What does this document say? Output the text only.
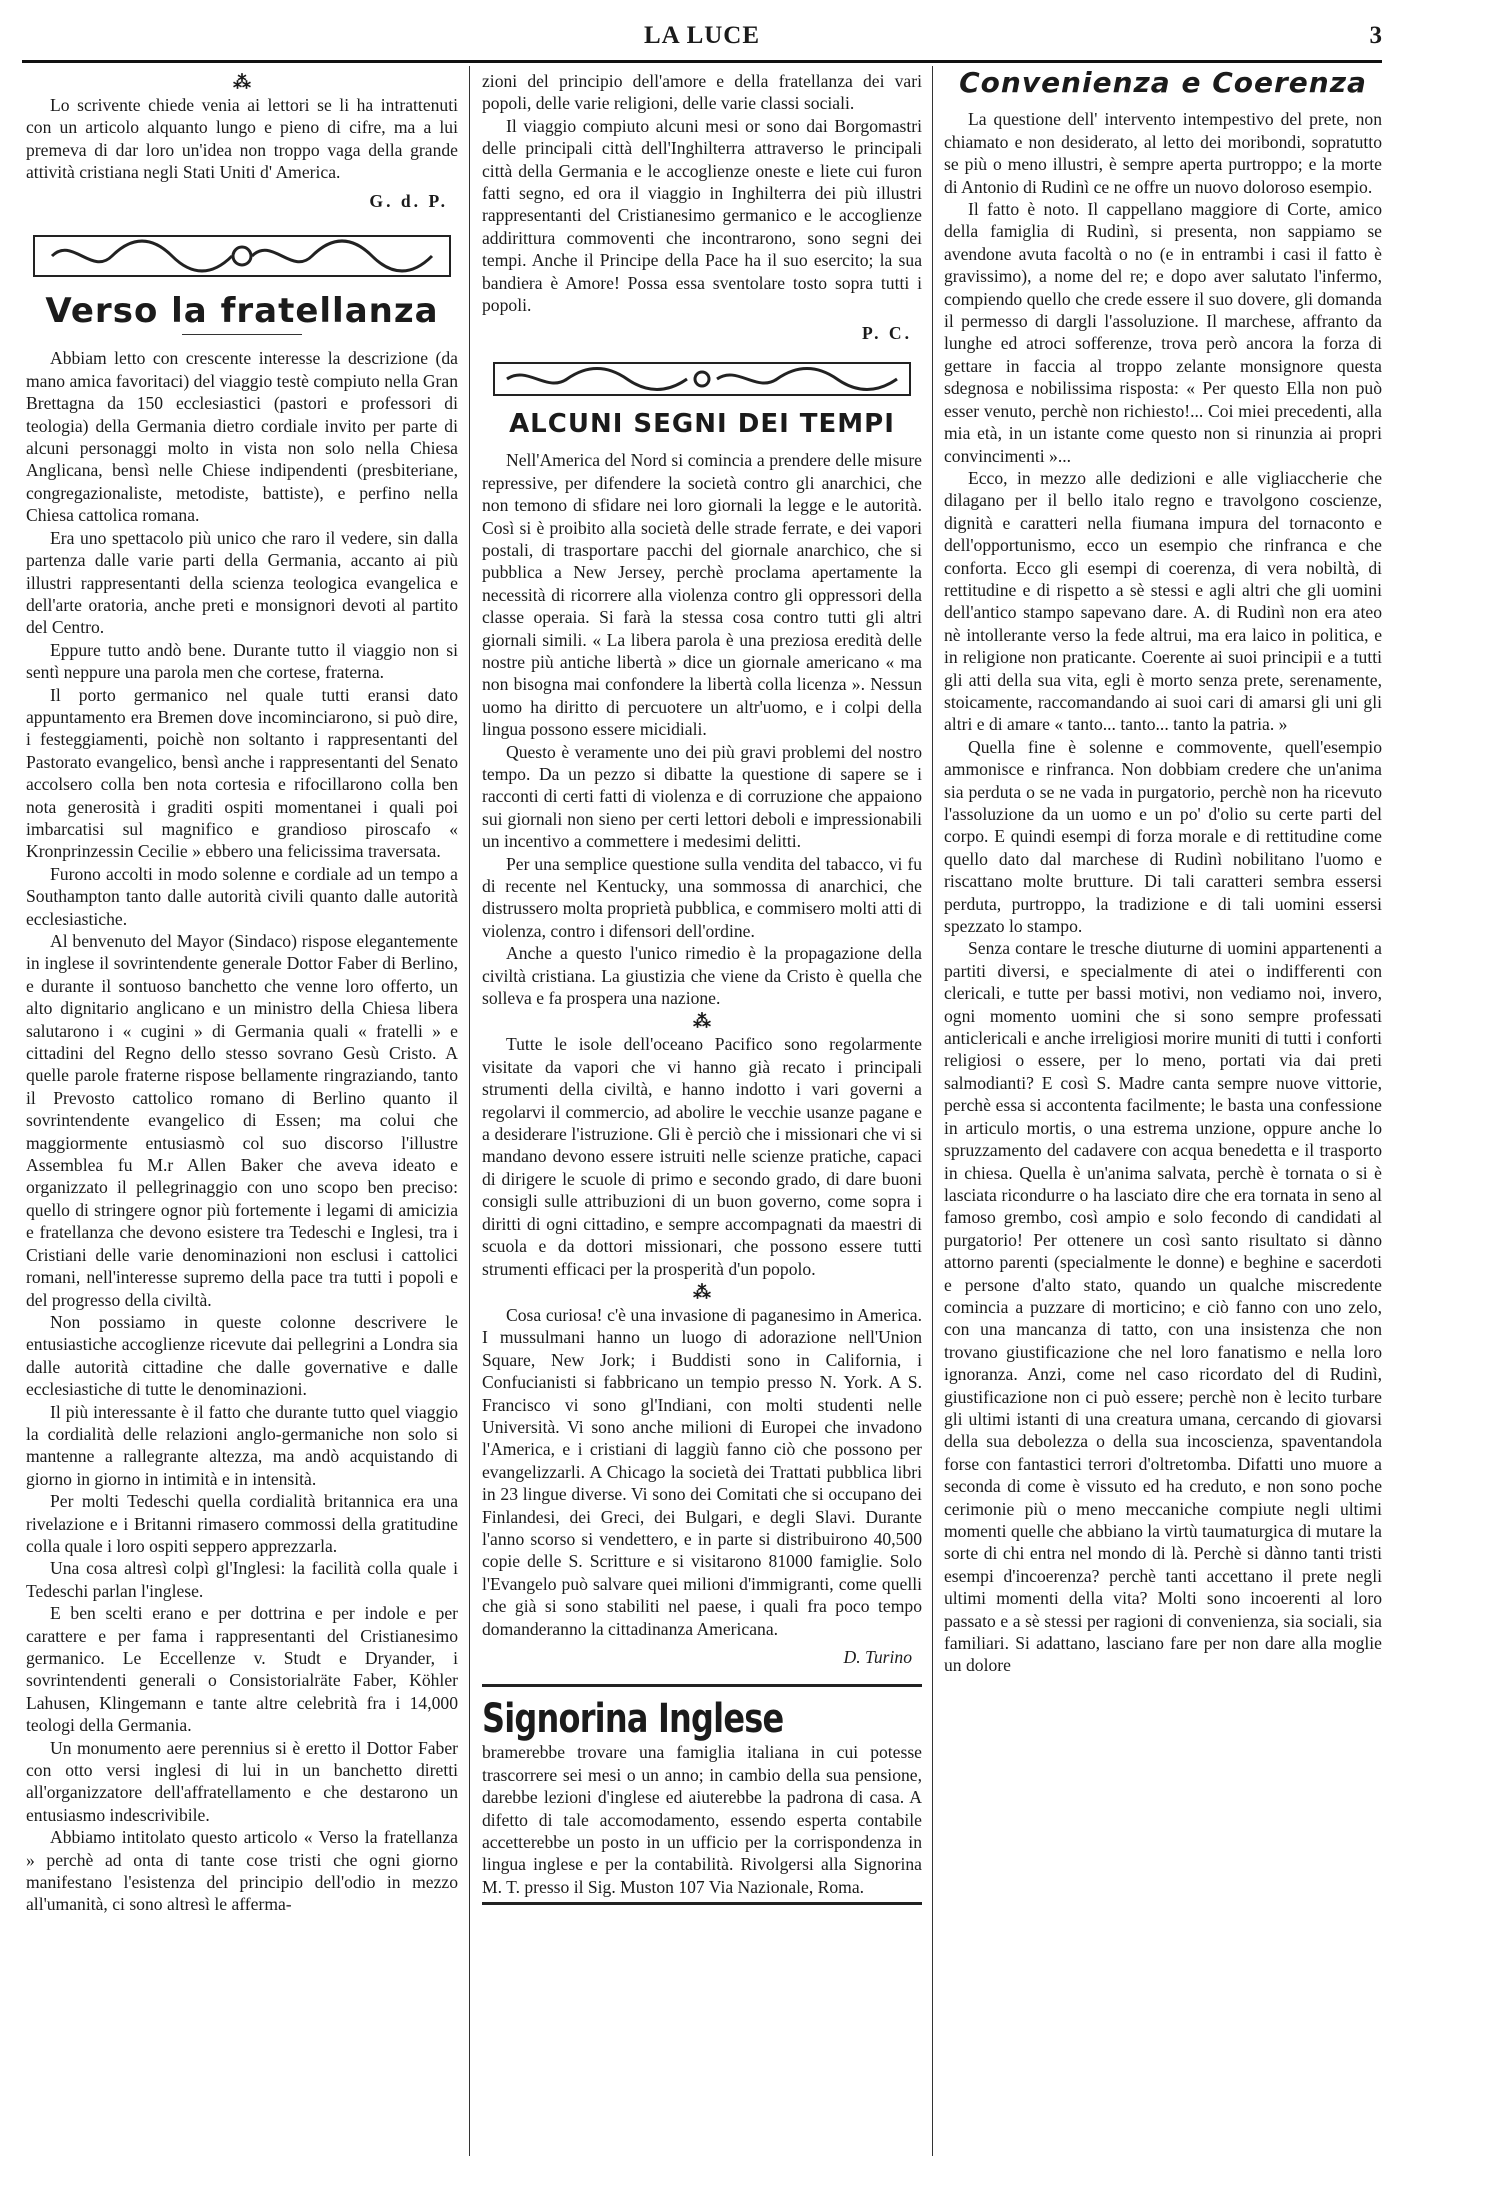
LA LUCE	3
⁂

Lo scrivente chiede venia ai lettori se li ha intrattenuti con un articolo alquanto lungo e pieno di cifre, ma a lui premeva di dar loro un'idea non troppo vaga della grande attività cristiana negli Stati Uniti d' America.

G. d. P.
Verso la fratellanza

Abbiam letto con crescente interesse la descrizione (da mano amica favoritaci) del viaggio testè compiuto nella Gran Brettagna da 150 ecclesiastici (pastori e professori di teologia) della Germania dietro cordiale invito per parte di alcuni personaggi molto in vista non solo nella Chiesa Anglicana, bensì nelle Chiese indipendenti (presbiteriane, congregazionaliste, metodiste, battiste), e perfino nella Chiesa cattolica romana.

Era uno spettacolo più unico che raro il vedere, sin dalla partenza dalle varie parti della Germania, accanto ai più illustri rappresentanti della scienza teologica evangelica e dell'arte oratoria, anche preti e monsignori devoti al partito del Centro.

Eppure tutto andò bene. Durante tutto il viaggio non si sentì neppure una parola men che cortese, fraterna.

Il porto germanico nel quale tutti eransi dato appuntamento era Bremen dove incominciarono, si può dire, i festeggiamenti, poichè non soltanto i rappresentanti del Pastorato evangelico, bensì anche i rappresentanti del Senato accolsero colla ben nota cortesia e rifocillarono colla ben nota generosità i graditi ospiti momentanei i quali poi imbarcatisi sul magnifico e grandioso piroscafo « Kronprinzessin Cecilie » ebbero una felicissima traversata.

Furono accolti in modo solenne e cordiale ad un tempo a Southampton tanto dalle autorità civili quanto dalle autorità ecclesiastiche.

Al benvenuto del Mayor (Sindaco) rispose elegantemente in inglese il sovrintendente generale Dottor Faber di Berlino, e durante il sontuoso banchetto che venne loro offerto, un alto dignitario anglicano e un ministro della Chiesa libera salutarono i « cugini » di Germania quali « fratelli » e cittadini del Regno dello stesso sovrano Gesù Cristo. A quelle parole fraterne rispose bellamente ringraziando, tanto il Prevosto cattolico romano di Berlino quanto il sovrintendente evangelico di Essen; ma colui che maggiormente entusiasmò col suo discorso l'illustre Assemblea fu M.r Allen Baker che aveva ideato e organizzato il pellegrinaggio con uno scopo ben preciso: quello di stringere ognor più fortemente i legami di amicizia e fratellanza che devono esistere tra Tedeschi e Inglesi, tra i Cristiani delle varie denominazioni non esclusi i cattolici romani, nell'interesse supremo della pace tra tutti i popoli e del progresso della civiltà.

Non possiamo in queste colonne descrivere le entusiastiche accoglienze ricevute dai pellegrini a Londra sia dalle autorità cittadine che dalle governative e dalle ecclesiastiche di tutte le denominazioni.

Il più interessante è il fatto che durante tutto quel viaggio la cordialità delle relazioni anglo-germaniche non solo si mantenne a rallegrante altezza, ma andò acquistando di giorno in giorno in intimità e in intensità.

Per molti Tedeschi quella cordialità britannica era una rivelazione e i Britanni rimasero commossi della gratitudine colla quale i loro ospiti seppero apprezzarla.

Una cosa altresì colpì gl'Inglesi: la facilità colla quale i Tedeschi parlan l'inglese.

E ben scelti erano e per dottrina e per indole e per carattere e per fama i rappresentanti del Cristianesimo germanico. Le Eccellenze v. Studt e Dryander, i sovrintendenti generali o Consistorialräte Faber, Köhler Lahusen, Klingemann e tante altre celebrità fra i 14,000 teologi della Germania.

Un monumento aere perennius si è eretto il Dottor Faber con otto versi inglesi di lui in un banchetto diretti all'organizzatore dell'affratellamento e che destarono un entusiasmo indescrivibile.

Abbiamo intitolato questo articolo « Verso la fratellanza » perchè ad onta di tante cose tristi che ogni giorno manifestano l'esistenza del principio dell'odio in mezzo all'umanità, ci sono altresì le afferma-

zioni del principio dell'amore e della fratellanza dei vari popoli, delle varie religioni, delle varie classi sociali.

Il viaggio compiuto alcuni mesi or sono dai Borgomastri delle principali città dell'Inghilterra attraverso le principali città della Germania e le accoglienze oneste e liete cui furon fatti segno, ed ora il viaggio in Inghilterra dei più illustri rappresentanti del Cristianesimo germanico e le accoglienze addirittura commoventi che incontrarono, sono segni dei tempi. Anche il Principe della Pace ha il suo esercito; la sua bandiera è Amore! Possa essa sventolare tosto sopra tutti i popoli.

P. C.
ALCUNI SEGNI DEI TEMPI

Nell'America del Nord si comincia a prendere delle misure repressive, per difendere la società contro gli anarchici, che non temono di sfidare nei loro giornali la legge e le autorità. Così si è proibito alla società delle strade ferrate, e dei vapori postali, di trasportare pacchi del giornale anarchico, che si pubblica a New Jersey, perchè proclama apertamente la necessità di ricorrere alla violenza contro gli oppressori della classe operaia. Si farà la stessa cosa contro tutti gli altri giornali simili. « La libera parola è una preziosa eredità delle nostre più antiche libertà » dice un giornale americano « ma non bisogna mai confondere la libertà colla licenza ». Nessun uomo ha diritto di percuotere un altr'uomo, e i colpi della lingua possono essere micidiali.

Questo è veramente uno dei più gravi problemi del nostro tempo. Da un pezzo si dibatte la questione di sapere se i racconti di certi fatti di violenza e di corruzione che appaiono sui giornali non sieno per certi lettori deboli e impressionabili un incentivo a commettere i medesimi delitti.

Per una semplice questione sulla vendita del tabacco, vi fu di recente nel Kentucky, una sommossa di anarchici, che distrussero molta proprietà pubblica, e commisero molti atti di violenza, contro i difensori dell'ordine.

Anche a questo l'unico rimedio è la propagazione della civiltà cristiana. La giustizia che viene da Cristo è quella che solleva e fa prospera una nazione.

⁂

Tutte le isole dell'oceano Pacifico sono regolarmente visitate da vapori che vi hanno già recato i principali strumenti della civiltà, e hanno indotto i vari governi a regolarvi il commercio, ad abolire le vecchie usanze pagane e a desiderare l'istruzione. Gli è perciò che i missionari che vi si mandano devono essere istruiti nelle scienze pratiche, capaci di dirigere le scuole di primo e secondo grado, di dare buoni consigli sulle attribuzioni di un buon governo, come sopra i diritti di ogni cittadino, e sempre accompagnati da maestri di scuola e da dottori missionari, che possono essere tutti strumenti efficaci per la prosperità d'un popolo.

⁂

Cosa curiosa! c'è una invasione di paganesimo in America. I mussulmani hanno un luogo di adorazione nell'Union Square, New Jork; i Buddisti sono in California, i Confucianisti si fabbricano un tempio presso N. York. A S. Francisco vi sono gl'Indiani, con molti studenti nelle Università. Vi sono anche milioni di Europei che invadono l'America, e i cristiani di laggiù fanno ciò che possono per evangelizzarli. A Chicago la società dei Trattati pubblica libri in 23 lingue diverse. Vi sono dei Comitati che si occupano dei Finlandesi, dei Greci, dei Bulgari, e degli Slavi. Durante l'anno scorso si vendettero, e in parte si distribuirono 40,500 copie delle S. Scritture e si visitarono 81000 famiglie. Solo l'Evangelo può salvare quei milioni d'immigranti, come quelli che già si sono stabiliti nel paese, i quali fra poco tempo domanderanno la cittadinanza Americana.

D. Turino
Signorina Inglese
bramerebbe trovare una famiglia italiana in cui potesse trascorrere sei mesi o un anno; in cambio della sua pensione, darebbe lezioni d'inglese ed aiuterebbe la padrona di casa. A difetto di tale accomodamento, essendo esperta contabile accetterebbe un posto in un ufficio per la corrispondenza in lingua inglese e per la contabilità. Rivolgersi alla Signorina M. T. presso il Sig. Muston 107 Via Nazionale, Roma.
Convenienza e Coerenza

La questione dell' intervento intempestivo del prete, non chiamato e non desiderato, al letto dei moribondi, sopratutto se più o meno illustri, è sempre aperta purtroppo; e la morte di Antonio di Rudinì ce ne offre un nuovo doloroso esempio.

Il fatto è noto. Il cappellano maggiore di Corte, amico della famiglia di Rudinì, si presenta, non sappiamo se avendone avuta facoltà o no (e in entrambi i casi il fatto è gravissimo), a nome del re; e dopo aver salutato l'infermo, compiendo quello che crede essere il suo dovere, gli domanda il permesso di dargli l'assoluzione. Il marchese, affranto da lunghe ed atroci sofferenze, trova però ancora la forza di gettare in faccia al troppo zelante monsignore questa sdegnosa e nobilissima risposta: « Per questo Ella non può esser venuto, perchè non richiesto!... Coi miei precedenti, alla mia età, in un istante come questo non si rinunzia ai propri convincimenti »...

Ecco, in mezzo alle dedizioni e alle vigliaccherie che dilagano per il bello italo regno e travolgono coscienze, dignità e caratteri nella fiumana impura del tornaconto e dell'opportunismo, ecco un esempio che rinfranca e che conforta. Ecco gli esempi di coerenza, di vera nobiltà, di rettitudine e di rispetto a sè stessi e agli altri che gli uomini dell'antico stampo sapevano dare. A. di Rudinì non era ateo nè intollerante verso la fede altrui, ma era laico in politica, e in religione non praticante. Coerente ai suoi principii e a tutti gli atti della sua vita, egli è morto senza prete, serenamente, stoicamente, raccomandando ai suoi cari di amarsi gli uni gli altri e di amare « tanto... tanto... tanto la patria. »

Quella fine è solenne e commovente, quell'esempio ammonisce e rinfranca. Non dobbiam credere che un'anima sia perduta o se ne vada in purgatorio, perchè non ha ricevuto l'assoluzione da un uomo e un po' d'olio su certe parti del corpo. E quindi esempi di forza morale e di rettitudine come quello dato dal marchese di Rudinì nobilitano l'uomo e riscattano molte brutture. Di tali caratteri sembra essersi perduta, purtroppo, la tradizione e di tali uomini essersi spezzato lo stampo.

Senza contare le tresche diuturne di uomini appartenenti a partiti diversi, e specialmente di atei o indifferenti con clericali, e tutte per bassi motivi, non vediamo noi, invero, ogni momento uomini che si sono sempre professati anticlericali e anche irreligiosi morire muniti di tutti i conforti religiosi o essere, per lo meno, portati via dai preti salmodianti? E così S. Madre canta sempre nuove vittorie, perchè essa si accontenta facilmente; le basta una confessione in articulo mortis, o una estrema unzione, oppure anche lo spruzzamento del cadavere con acqua benedetta e il trasporto in chiesa. Quella è un'anima salvata, perchè è tornata o si è lasciata ricondurre o ha lasciato dire che era tornata in seno al famoso grembo, così ampio e solo fecondo di candidati al purgatorio! Per ottenere un così santo risultato si dànno attorno parenti (specialmente le donne) e beghine e sacerdoti e persone d'alto stato, quando un qualche miscredente comincia a puzzare di morticino; e ciò fanno con uno zelo, con una mancanza di tatto, con una insistenza che non trovano giustificazione che nel loro fanatismo e nella loro ignoranza. Anzi, come nel caso ricordato del di Rudinì, giustificazione non ci può essere; perchè non è lecito turbare gli ultimi istanti di una creatura umana, cercando di giovarsi della sua debolezza o della sua incoscienza, spaventandola forse con fantastici terrori d'oltretomba. Difatti uno muore a seconda di come è vissuto ed ha creduto, e non sono poche cerimonie più o meno meccaniche compiute negli ultimi momenti quelle che abbiano la virtù taumaturgica di mutare la sorte di chi entra nel mondo di là. Perchè si dànno tanti tristi esempi d'incoerenza? perchè tanti accettano il prete negli ultimi momenti della vita? Molti sono incoerenti al loro passato e a sè stessi per ragioni di convenienza, sia sociali, sia familiari. Si adattano, lasciano fare per non dare alla moglie un dolore
